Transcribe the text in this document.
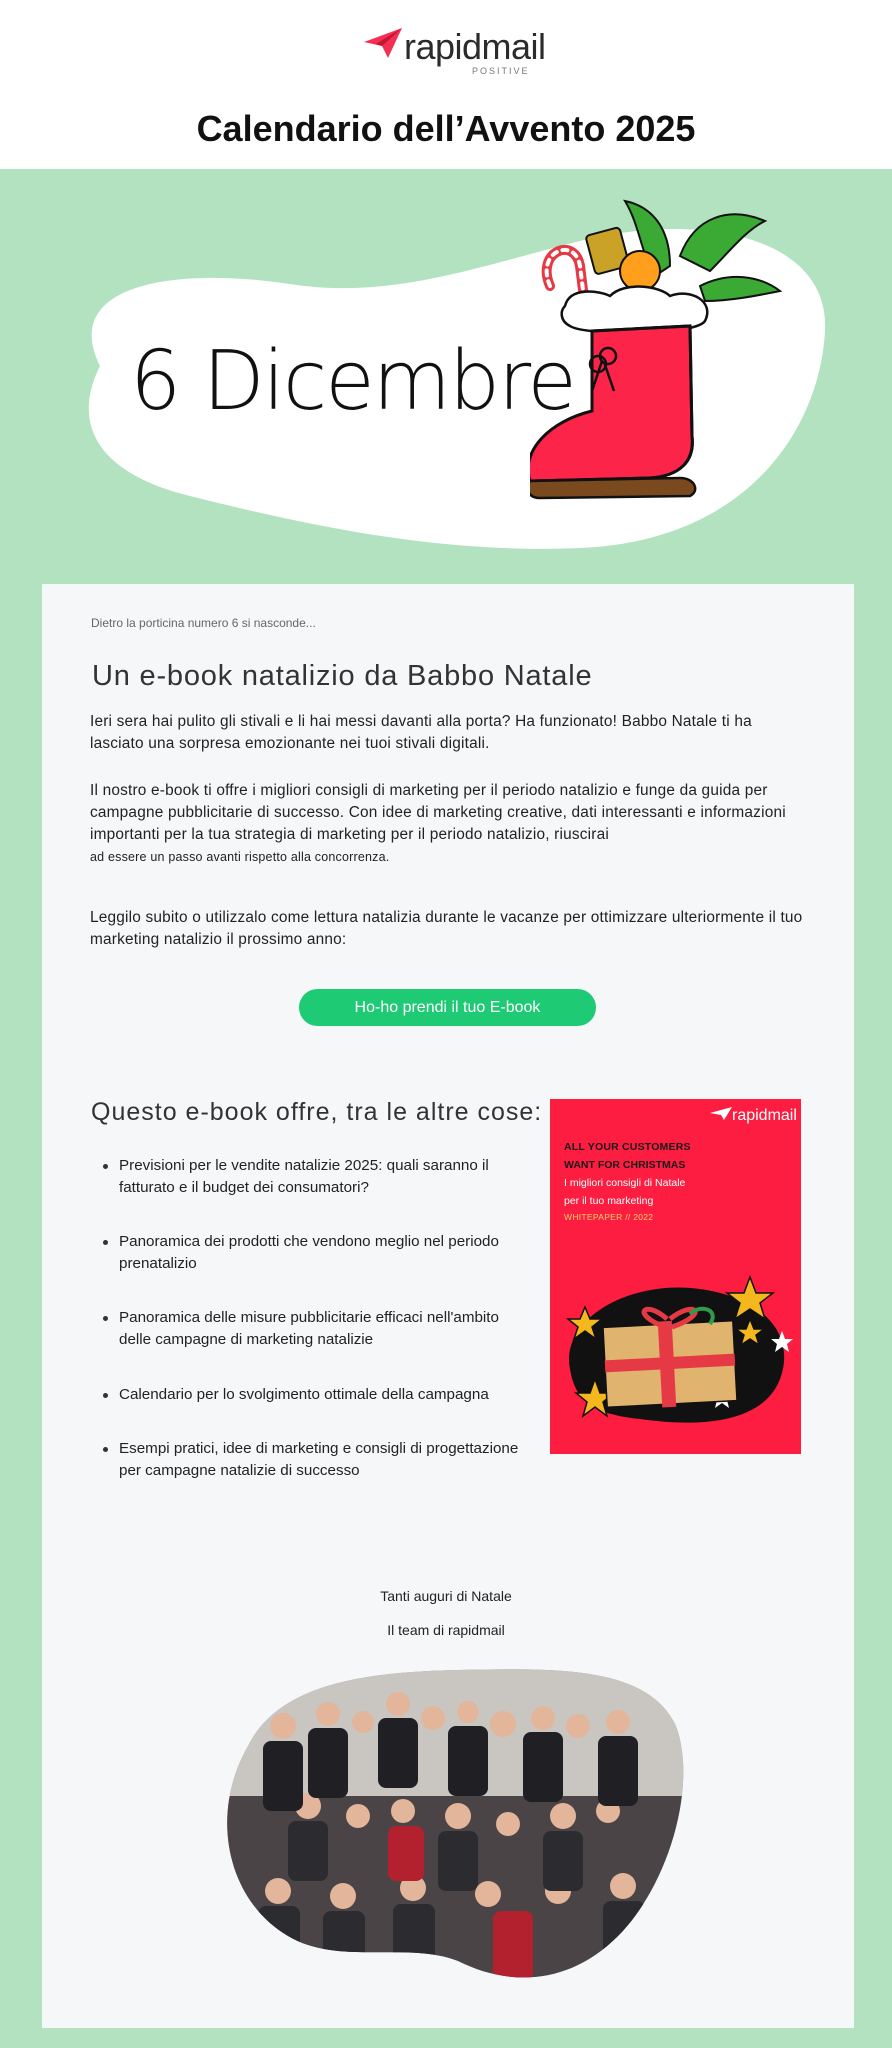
rapidmail
POSITIVE
Calendario dell’Avvento 2025
6 Dicembre
Dietro la porticina numero 6 si nasconde...
Un e-book natalizio da Babbo Natale

Ieri sera hai pulito gli stivali e li hai messi davanti alla porta? Ha funzionato! Babbo Natale ti ha lasciato una sorpresa emozionante nei tuoi stivali digitali.

Il nostro e-book ti offre i migliori consigli di marketing per il periodo natalizio e funge da guida per campagne pubblicitarie di successo. Con idee di marketing creative, dati interessanti e informazioni importanti per la tua strategia di marketing per il periodo natalizio, riuscirai
ad essere un passo avanti rispetto alla concorrenza.

Leggilo subito o utilizzalo come lettura natalizia durante le vacanze per ottimizzare ulteriormente il tuo marketing natalizio il prossimo anno:

Ho-ho prendi il tuo E-book
Questo e-book offre, tra le altre cose:
Previsioni per le vendite natalizie 2025: quali saranno il fatturato e il budget dei consumatori?
Panoramica dei prodotti che vendono meglio nel periodo prenatalizio
Panoramica delle misure pubblicitarie efficaci nell'ambito delle campagne di marketing natalizie
Calendario per lo svolgimento ottimale della campagna
Esempi pratici, idee di marketing e consigli di progettazione per campagne natalizie di successo
rapidmail
ALL YOUR CUSTOMERS
WANT FOR CHRISTMAS
I migliori consigli di Natale
per il tuo marketing
WHITEPAPER // 2022
Tanti auguri di Natale
Il team di rapidmail
